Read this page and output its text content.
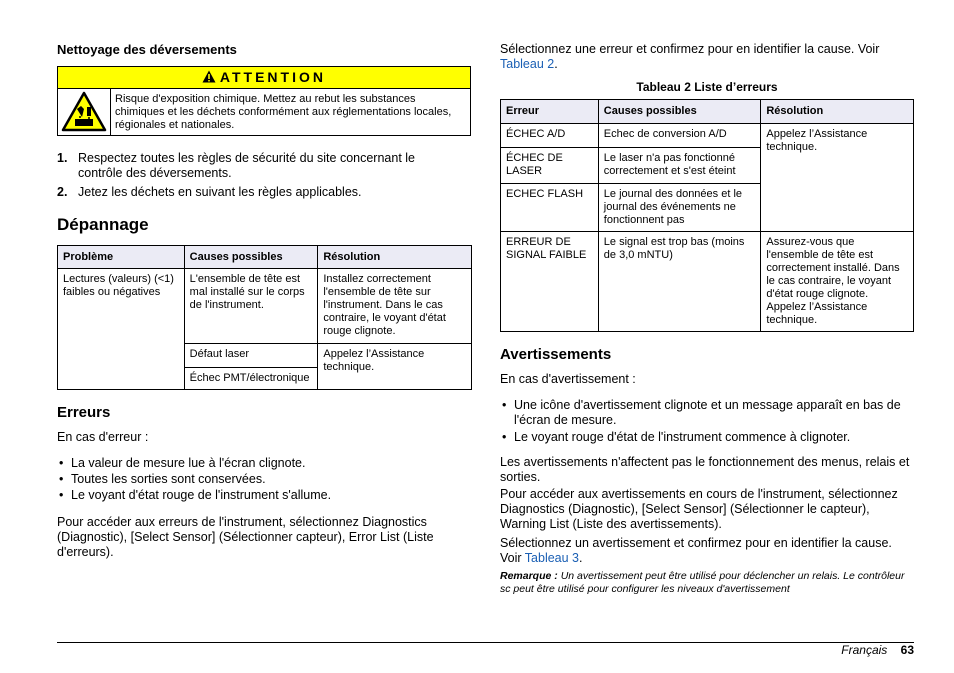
Nettoyage des déversements

ATTENTION
Risque d'exposition chimique. Mettez au rebut les substances chimiques et les déchets conformément aux réglementations locales, régionales et nationales.
1. Respectez toutes les règles de sécurité du site concernant le contrôle des déversements.
2. Jetez les déchets en suivant les règles applicables.

Dépannage

Problème	Causes possibles	Résolution
Lectures (valeurs) (<1) faibles ou négatives	L'ensemble de tête est mal installé sur le corps de l'instrument.	Installez correctement l'ensemble de tête sur l'instrument. Dans le cas contraire, le voyant d'état rouge clignote.
	Défaut laser	Appelez l’Assistance technique.
	Échec PMT/électronique	

Erreurs

En cas d'erreur :

• La valeur de mesure lue à l'écran clignote.
• Toutes les sorties sont conservées.
• Le voyant d'état rouge de l'instrument s'allume.

Pour accéder aux erreurs de l'instrument, sélectionnez Diagnostics (Diagnostic), [Select Sensor] (Sélectionner capteur), Error List (Liste d'erreurs).

Sélectionnez une erreur et confirmez pour en identifier la cause. Voir Tableau 2.

Tableau 2 Liste d’erreurs

Erreur	Causes possibles	Résolution
ÉCHEC A/D	Echec de conversion A/D	Appelez l’Assistance technique.
ÉCHEC DE LASER	Le laser n'a pas fonctionné correctement et s'est éteint	
ECHEC FLASH	Le journal des données et le journal des événements ne fonctionnent pas	
ERREUR DE SIGNAL FAIBLE	Le signal est trop bas (moins de 3,0 mNTU)	Assurez-vous que l'ensemble de tête est correctement installé. Dans le cas contraire, le voyant d'état rouge clignote. Appelez l’Assistance technique.

Avertissements

En cas d'avertissement :

• Une icône d'avertissement clignote et un message apparaît en bas de l'écran de mesure.
• Le voyant rouge d'état de l'instrument commence à clignoter.

Les avertissements n'affectent pas le fonctionnement des menus, relais et sorties.

Pour accéder aux avertissements en cours de l'instrument, sélectionnez Diagnostics (Diagnostic), [Select Sensor] (Sélectionner le capteur), Warning List (Liste des avertissements).

Sélectionnez un avertissement et confirmez pour en identifier la cause. Voir Tableau 3.

Remarque : Un avertissement peut être utilisé pour déclencher un relais. Le contrôleur sc peut être utilisé pour configurer les niveaux d'avertissement

Français 63
